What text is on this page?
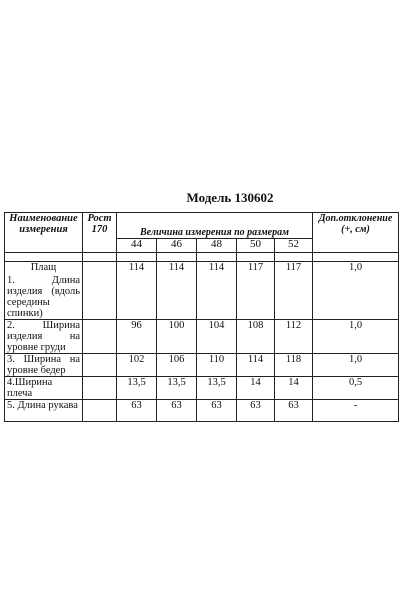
Модель 130602
Наименование измерения	Рост 170	Величина измерения по размерам					Доп.отклонение (+, см)
		44	46	48	50	52	

Плащ
1. Длина изделия (вдоль середины спинки)		114	114	114	117	117	1,0
2. Ширина изделия на уровне груди		96	100	104	108	112	1,0
3. Ширина на уровне бедер		102	106	110	114	118	1,0
4.Ширина плеча		13,5	13,5	13,5	14	14	0,5
5. Длина рукава		63	63	63	63	63	-
